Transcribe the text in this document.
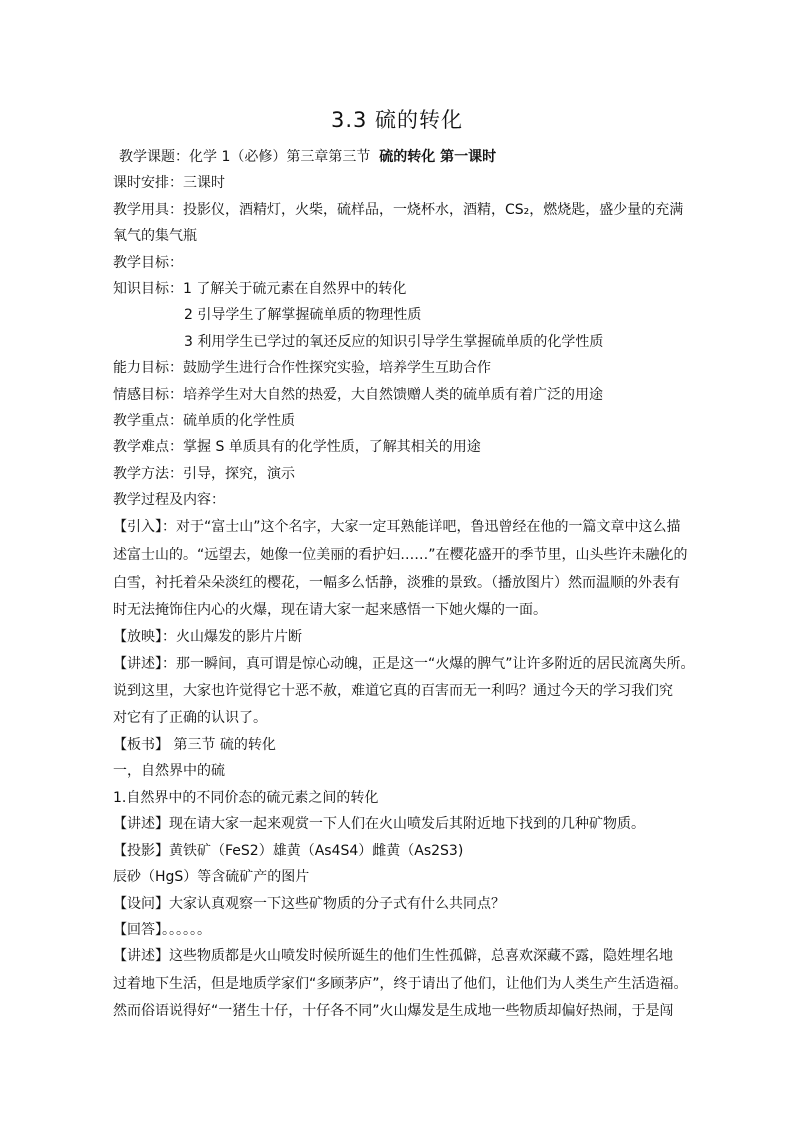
3.3 硫的转化
教学课题：化学 1（必修）第三章第三节 硫的转化 第一课时
课时安排：三课时
教学用具：投影仪，酒精灯，火柴，硫样品，一烧杯水，酒精，CS₂，燃烧匙，盛少量的充满
氧气的集气瓶
教学目标：
知识目标：1 了解关于硫元素在自然界中的转化
2 引导学生了解掌握硫单质的物理性质
3 利用学生已学过的氧还反应的知识引导学生掌握硫单质的化学性质
能力目标：鼓励学生进行合作性探究实验，培养学生互助合作
情感目标：培养学生对大自然的热爱，大自然馈赠人类的硫单质有着广泛的用途
教学重点：硫单质的化学性质
教学难点：掌握 S 单质具有的化学性质，了解其相关的用途
教学方法：引导，探究，演示
教学过程及内容：
【引入】：对于“富士山”这个名字，大家一定耳熟能详吧，鲁迅曾经在他的一篇文章中这么描
述富士山的。“远望去，她像一位美丽的看护妇……”在樱花盛开的季节里，山头些许未融化的
白雪，衬托着朵朵淡红的樱花，一幅多么恬静，淡雅的景致。（播放图片）然而温顺的外表有
时无法掩饰住内心的火爆，现在请大家一起来感悟一下她火爆的一面。
【放映】：火山爆发的影片片断
【讲述】：那一瞬间，真可谓是惊心动魄，正是这一“火爆的脾气”让许多附近的居民流离失所。
说到这里，大家也许觉得它十恶不赦，难道它真的百害而无一利吗？通过今天的学习我们究
对它有了正确的认识了。
【板书】 第三节 硫的转化
一，自然界中的硫
1.自然界中的不同价态的硫元素之间的转化
【讲述】现在请大家一起来观赏一下人们在火山喷发后其附近地下找到的几种矿物质。
【投影】黄铁矿（FeS2）雄黄（As4S4）雌黄（As2S3)
辰砂（HgS）等含硫矿产的图片
【设问】大家认真观察一下这些矿物质的分子式有什么共同点？
【回答】。。。。。。
【讲述】这些物质都是火山喷发时候所诞生的他们生性孤僻，总喜欢深藏不露，隐姓埋名地
过着地下生活，但是地质学家们“多顾茅庐”，终于请出了他们，让他们为人类生产生活造福。
然而俗语说得好“一猪生十仔，十仔各不同”火山爆发是生成地一些物质却偏好热闹，于是闯
